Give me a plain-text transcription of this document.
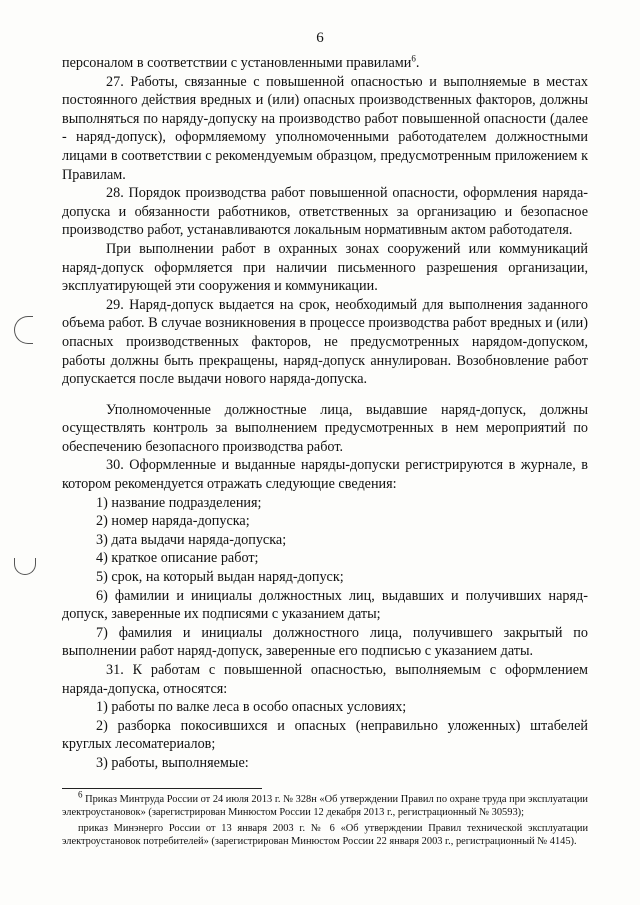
6

персоналом в соответствии с установленными правилами$^6$.

27. Работы, связанные с повышенной опасностью и выполняемые в местах постоянного действия вредных и (или) опасных производственных факторов, должны выполняться по наряду-допуску на производство работ повышенной опасности (далее - наряд-допуск), оформляемому уполномоченными работодателем должностными лицами в соответствии с рекомендуемым образцом, предусмотренным приложением к Правилам.

28. Порядок производства работ повышенной опасности, оформления наряда-допуска и обязанности работников, ответственных за организацию и безопасное производство работ, устанавливаются локальным нормативным актом работодателя.

При выполнении работ в охранных зонах сооружений или коммуникаций наряд-допуск оформляется при наличии письменного разрешения организации, эксплуатирующей эти сооружения и коммуникации.

29. Наряд-допуск выдается на срок, необходимый для выполнения заданного объема работ. В случае возникновения в процессе производства работ вредных и (или) опасных производственных факторов, не предусмотренных нарядом-допуском, работы должны быть прекращены, наряд-допуск аннулирован. Возобновление работ допускается после выдачи нового наряда-допуска.

Уполномоченные должностные лица, выдавшие наряд-допуск, должны осуществлять контроль за выполнением предусмотренных в нем мероприятий по обеспечению безопасного производства работ.

30. Оформленные и выданные наряды-допуски регистрируются в журнале, в котором рекомендуется отражать следующие сведения:

1) название подразделения;

2) номер наряда-допуска;

3) дата выдачи наряда-допуска;

4) краткое описание работ;

5) срок, на который выдан наряд-допуск;

6) фамилии и инициалы должностных лиц, выдавших и получивших наряд-допуск, заверенные их подписями с указанием даты;

7) фамилия и инициалы должностного лица, получившего закрытый по выполнении работ наряд-допуск, заверенные его подписью с указанием даты.

31. К работам с повышенной опасностью, выполняемым с оформлением наряда-допуска, относятся:

1) работы по валке леса в особо опасных условиях;

2) разборка покосившихся и опасных (неправильно уложенных) штабелей круглых лесоматериалов;

3) работы, выполняемые:

$^6$ Приказ Минтруда России от 24 июля 2013 г. № 328н «Об утверждении Правил по охране труда при эксплуатации электроустановок» (зарегистрирован Минюстом России 12 декабря 2013 г., регистрационный № 30593);

приказ Минэнерго России от 13 января 2003 г. № 6 «Об утверждении Правил технической эксплуатации электроустановок потребителей» (зарегистрирован Минюстом России 22 января 2003 г., регистрационный № 4145).
